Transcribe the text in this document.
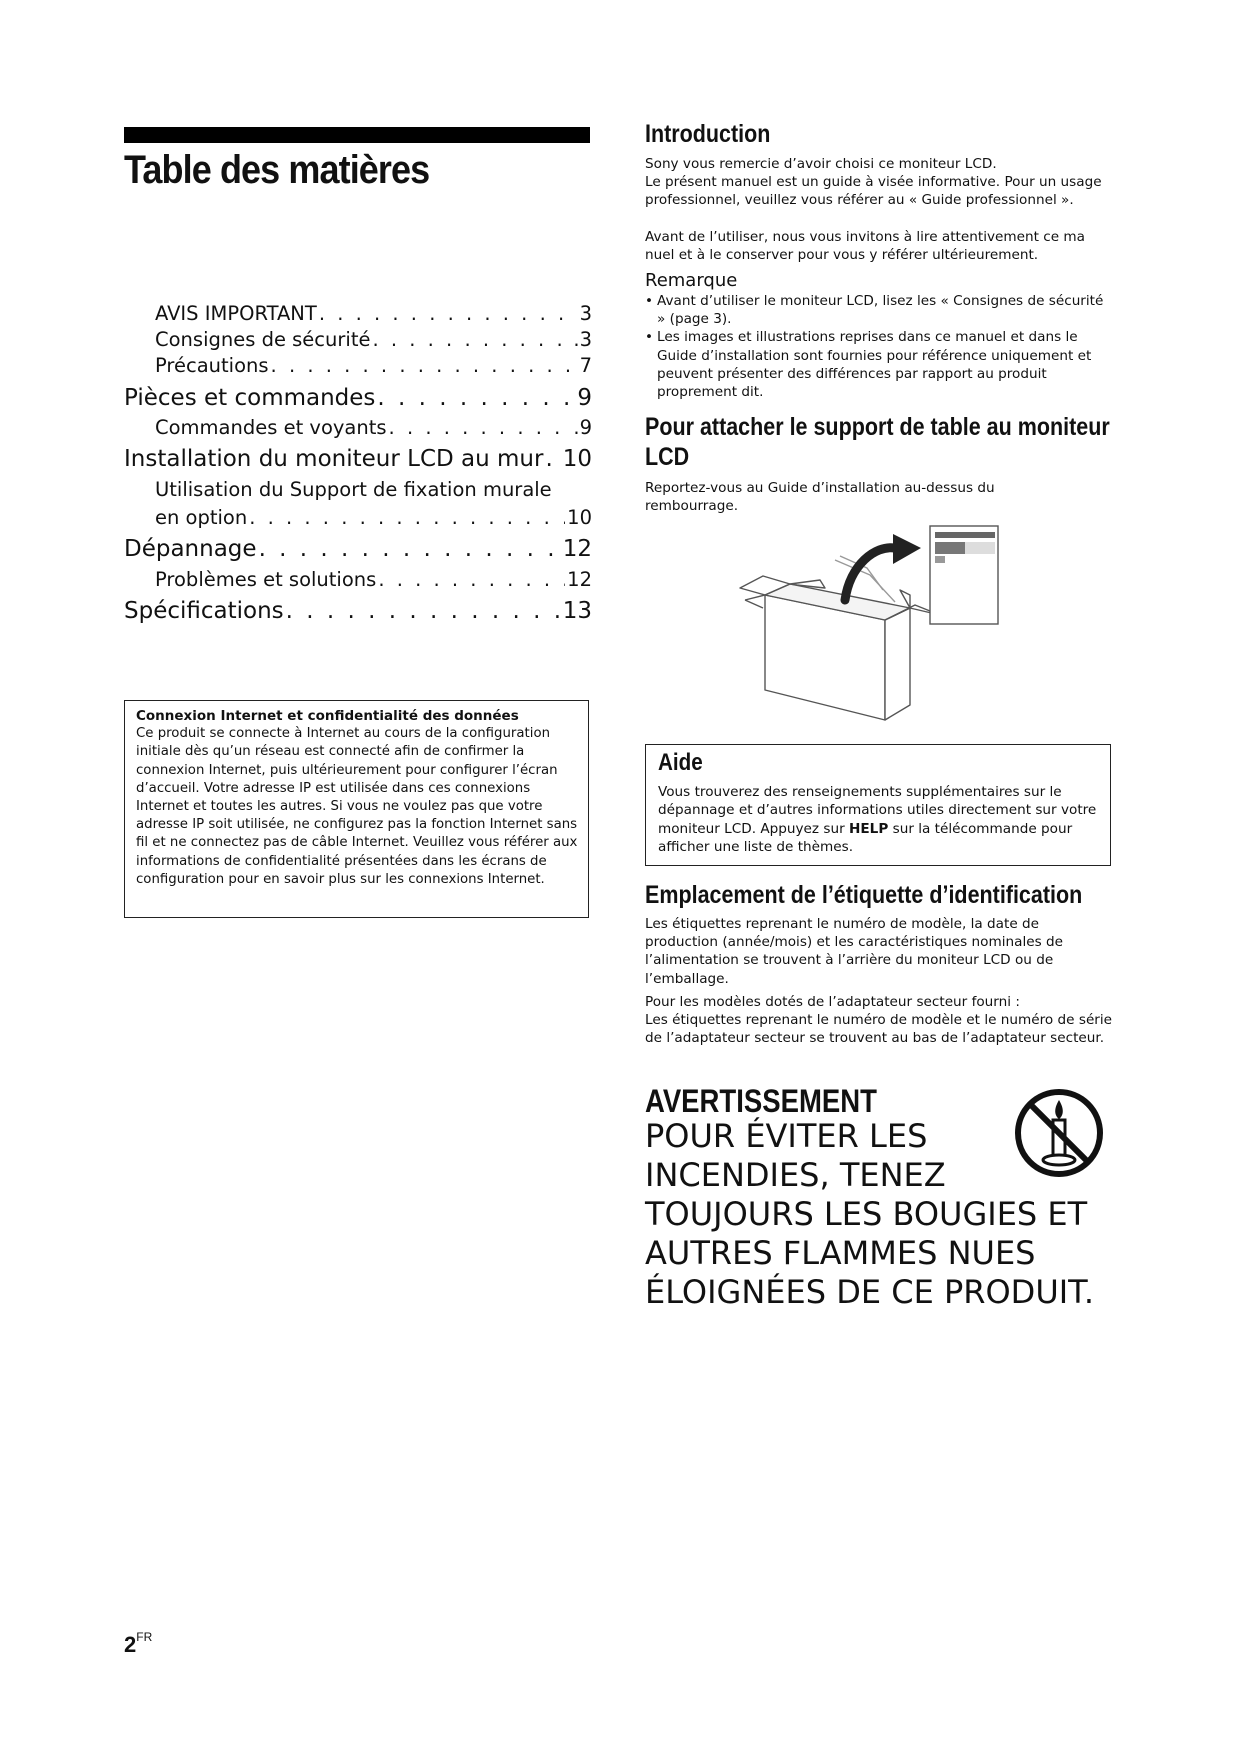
Table des matières
AVIS IMPORTANT . . .	3
Consignes de sécurité . . .	.3
Précautions . . .	7
Pièces et commandes . . .	9
Commandes et voyants . . .	.9
Installation du moniteur LCD au mur . . . 10
Utilisation du Support de fixation murale
en option . . .	10
Dépannage . . .	12
Problèmes et solutions . . .	12
Spécifications . . .	13
Connexion Internet et confidentialité des données

Ce produit se connecte à Internet au cours de la configuration initiale dès qu’un réseau est connecté afin de confirmer la connexion Internet, puis ultérieurement pour configurer l’écran d’accueil. Votre adresse IP est utilisée dans ces connexions Internet et toutes les autres. Si vous ne voulez pas que votre adresse IP soit utilisée, ne configurez pas la fonction Internet sans fil et ne connectez pas de câble Internet. Veuillez vous référer aux informations de confidentialité présentées dans les écrans de configuration pour en savoir plus sur les connexions Internet.

Introduction

Sony vous remercie d’avoir choisi ce moniteur LCD.

Le présent manuel est un guide à visée informative. Pour un usage professionnel, veuillez vous référer au « Guide professionnel ».

Avant de l’utiliser, nous vous invitons à lire attentivement ce ma nuel et à le conserver pour vous y référer ultérieurement.

Remarque
• Avant d’utiliser le moniteur LCD, lisez les « Consignes de sécurité » (page 3).
• Les images et illustrations reprises dans ce manuel et dans le Guide d’installation sont fournies pour référence uniquement et peuvent présenter des différences par rapport au produit proprement dit.
Pour attacher le support de table au moniteur
LCD

Reportez-vous au Guide d’installation au-dessus du rembourrage.

Aide

Vous trouverez des renseignements supplémentaires sur le dépannage et d’autres informations utiles directement sur votre moniteur LCD. Appuyez sur HELP sur la télécommande pour afficher une liste de thèmes.

Emplacement de l’étiquette d’identification

Les étiquettes reprenant le numéro de modèle, la date de production (année/mois) et les caractéristiques nominales de l’alimentation se trouvent à l’arrière du moniteur LCD ou de l’emballage.

Pour les modèles dotés de l’adaptateur secteur fourni :

Les étiquettes reprenant le numéro de modèle et le numéro de série de l’adaptateur secteur se trouvent au bas de l’adaptateur secteur.

AVERTISSEMENT
POUR ÉVITER LES
INCENDIES, TENEZ
TOUJOURS LES BOUGIES ET
AUTRES FLAMMES NUES
ÉLOIGNÉES DE CE PRODUIT.
$2^{FR}$
